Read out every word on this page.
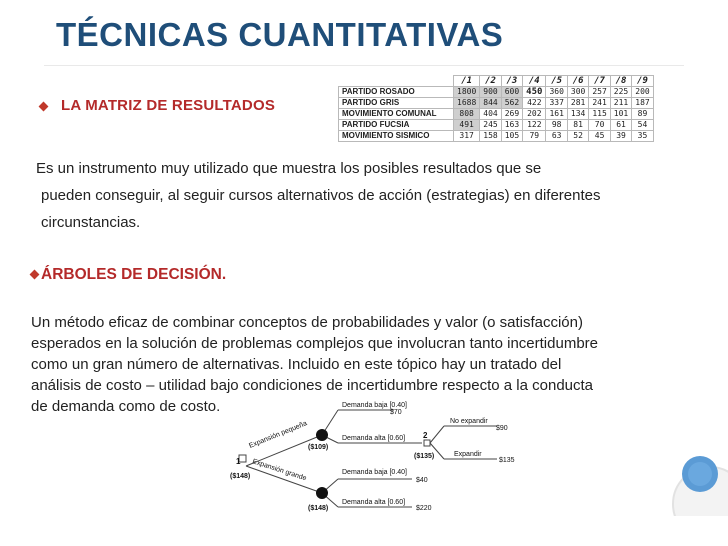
TÉCNICAS CUANTITATIVAS
LA MATRIZ DE RESULTADOS
	/1	/2	/3	/4	/5	/6	/7	/8	/9
PARTIDO ROSADO	1800	900	600	450	360	300	257	225	200
PARTIDO GRIS	1688	844	562	422	337	281	241	211	187
MOVIMIENTO COMUNAL	808	404	269	202	161	134	115	101	89
PARTIDO FUCSIA	491	245	163	122	98	81	70	61	54
MOVIMIENTO SISMICO	317	158	105	79	63	52	45	39	35
Es un instrumento muy utilizado que muestra los posibles resultados que se
pueden conseguir, al seguir cursos alternativos de acción (estrategias) en diferentes
circunstancias.
ÁRBOLES DE DECISIÓN.
Un método eficaz de combinar conceptos de probabilidades y valor (o satisfacción)
esperados en la solución de problemas complejos que involucran tanto incertidumbre
como un gran número de alternativas. Incluido en este tópico hay un tratado del
análisis de costo – utilidad bajo condiciones de incertidumbre respecto a la conducta
de demanda como de costo.
1
($148)
Expansión pequeña
Expansión grande
($109)
($148)
Demanda baja [0.40]
$70
Demanda alta [0.60] 2
($135)
No expandir
$90
Expandir
$135
Demanda baja [0.40]
$40
Demanda alta [0.60]
$220
